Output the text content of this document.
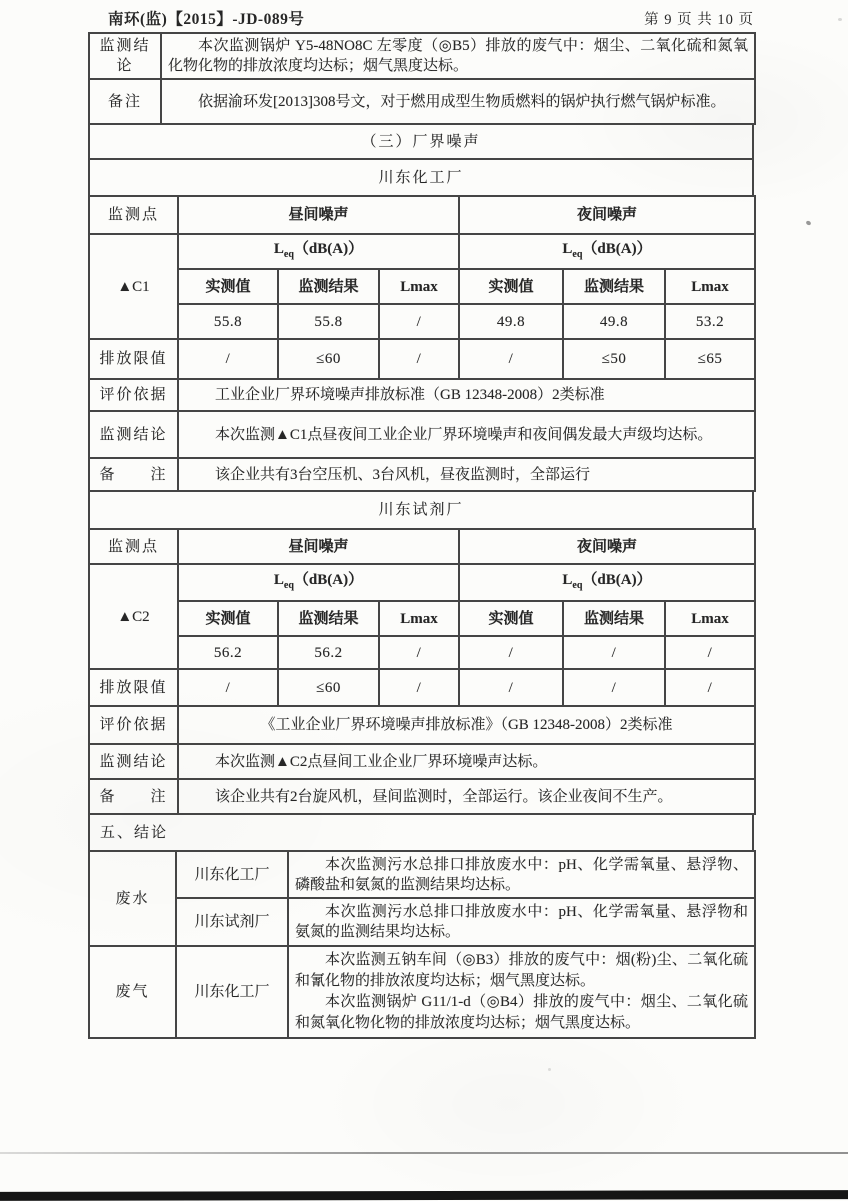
南环(监)【2015】-JD-089号	第 9 页 共 10 页
监测结论	本次监测锅炉 Y5-48NO8C 左零度（◎B5）排放的废气中：烟尘、二氧化硫和氮氧化物化物的排放浓度均达标；烟气黑度达标。
备注	依据渝环发[2013]308号文，对于燃用成型生物质燃料的锅炉执行燃气锅炉标准。
（三）厂界噪声
川东化工厂
监测点	昼间噪声			夜间噪声		
▲C1	$L_{eq}(dB(A))$			$L_{eq}(dB(A))$		
	实测值	监测结果	Lmax	实测值	监测结果	Lmax
	55.8	55.8	/	49.8	49.8	53.2
排放限值	/	≤60	/	/	≤50	≤65
评价依据	工业企业厂界环境噪声排放标准（GB 12348-2008）2类标准					
监测结论	本次监测▲C1点昼夜间工业企业厂界环境噪声和夜间偶发最大声级均达标。					
备　　注	该企业共有3台空压机、3台风机，昼夜监测时，全部运行					
川东试剂厂
监测点	昼间噪声			夜间噪声		
▲C2	$L_{eq}(dB(A))$			$L_{eq}(dB(A))$		
	实测值	监测结果	Lmax	实测值	监测结果	Lmax
	56.2	56.2	/	/	/	/
排放限值	/	≤60	/	/	/	/
评价依据	《工业企业厂界环境噪声排放标准》（GB 12348-2008）2类标准					
监测结论	本次监测▲C2点昼间工业企业厂界环境噪声达标。					
备　　注	该企业共有2台旋风机，昼间监测时，全部运行。该企业夜间不生产。					
五、结论
废水	川东化工厂	本次监测污水总排口排放废水中：pH、化学需氧量、悬浮物、磷酸盐和氨氮的监测结果均达标。
	川东试剂厂	本次监测污水总排口排放废水中：pH、化学需氧量、悬浮物和氨氮的监测结果均达标。
废气	川东化工厂	本次监测五钠车间（◎B3）排放的废气中：烟(粉)尘、二氧化硫和氰化物的排放浓度均达标；烟气黑度达标。

本次监测锅炉 G11/1-d（◎B4）排放的废气中：烟尘、二氧化硫和氮氧化物化物的排放浓度均达标；烟气黑度达标。
